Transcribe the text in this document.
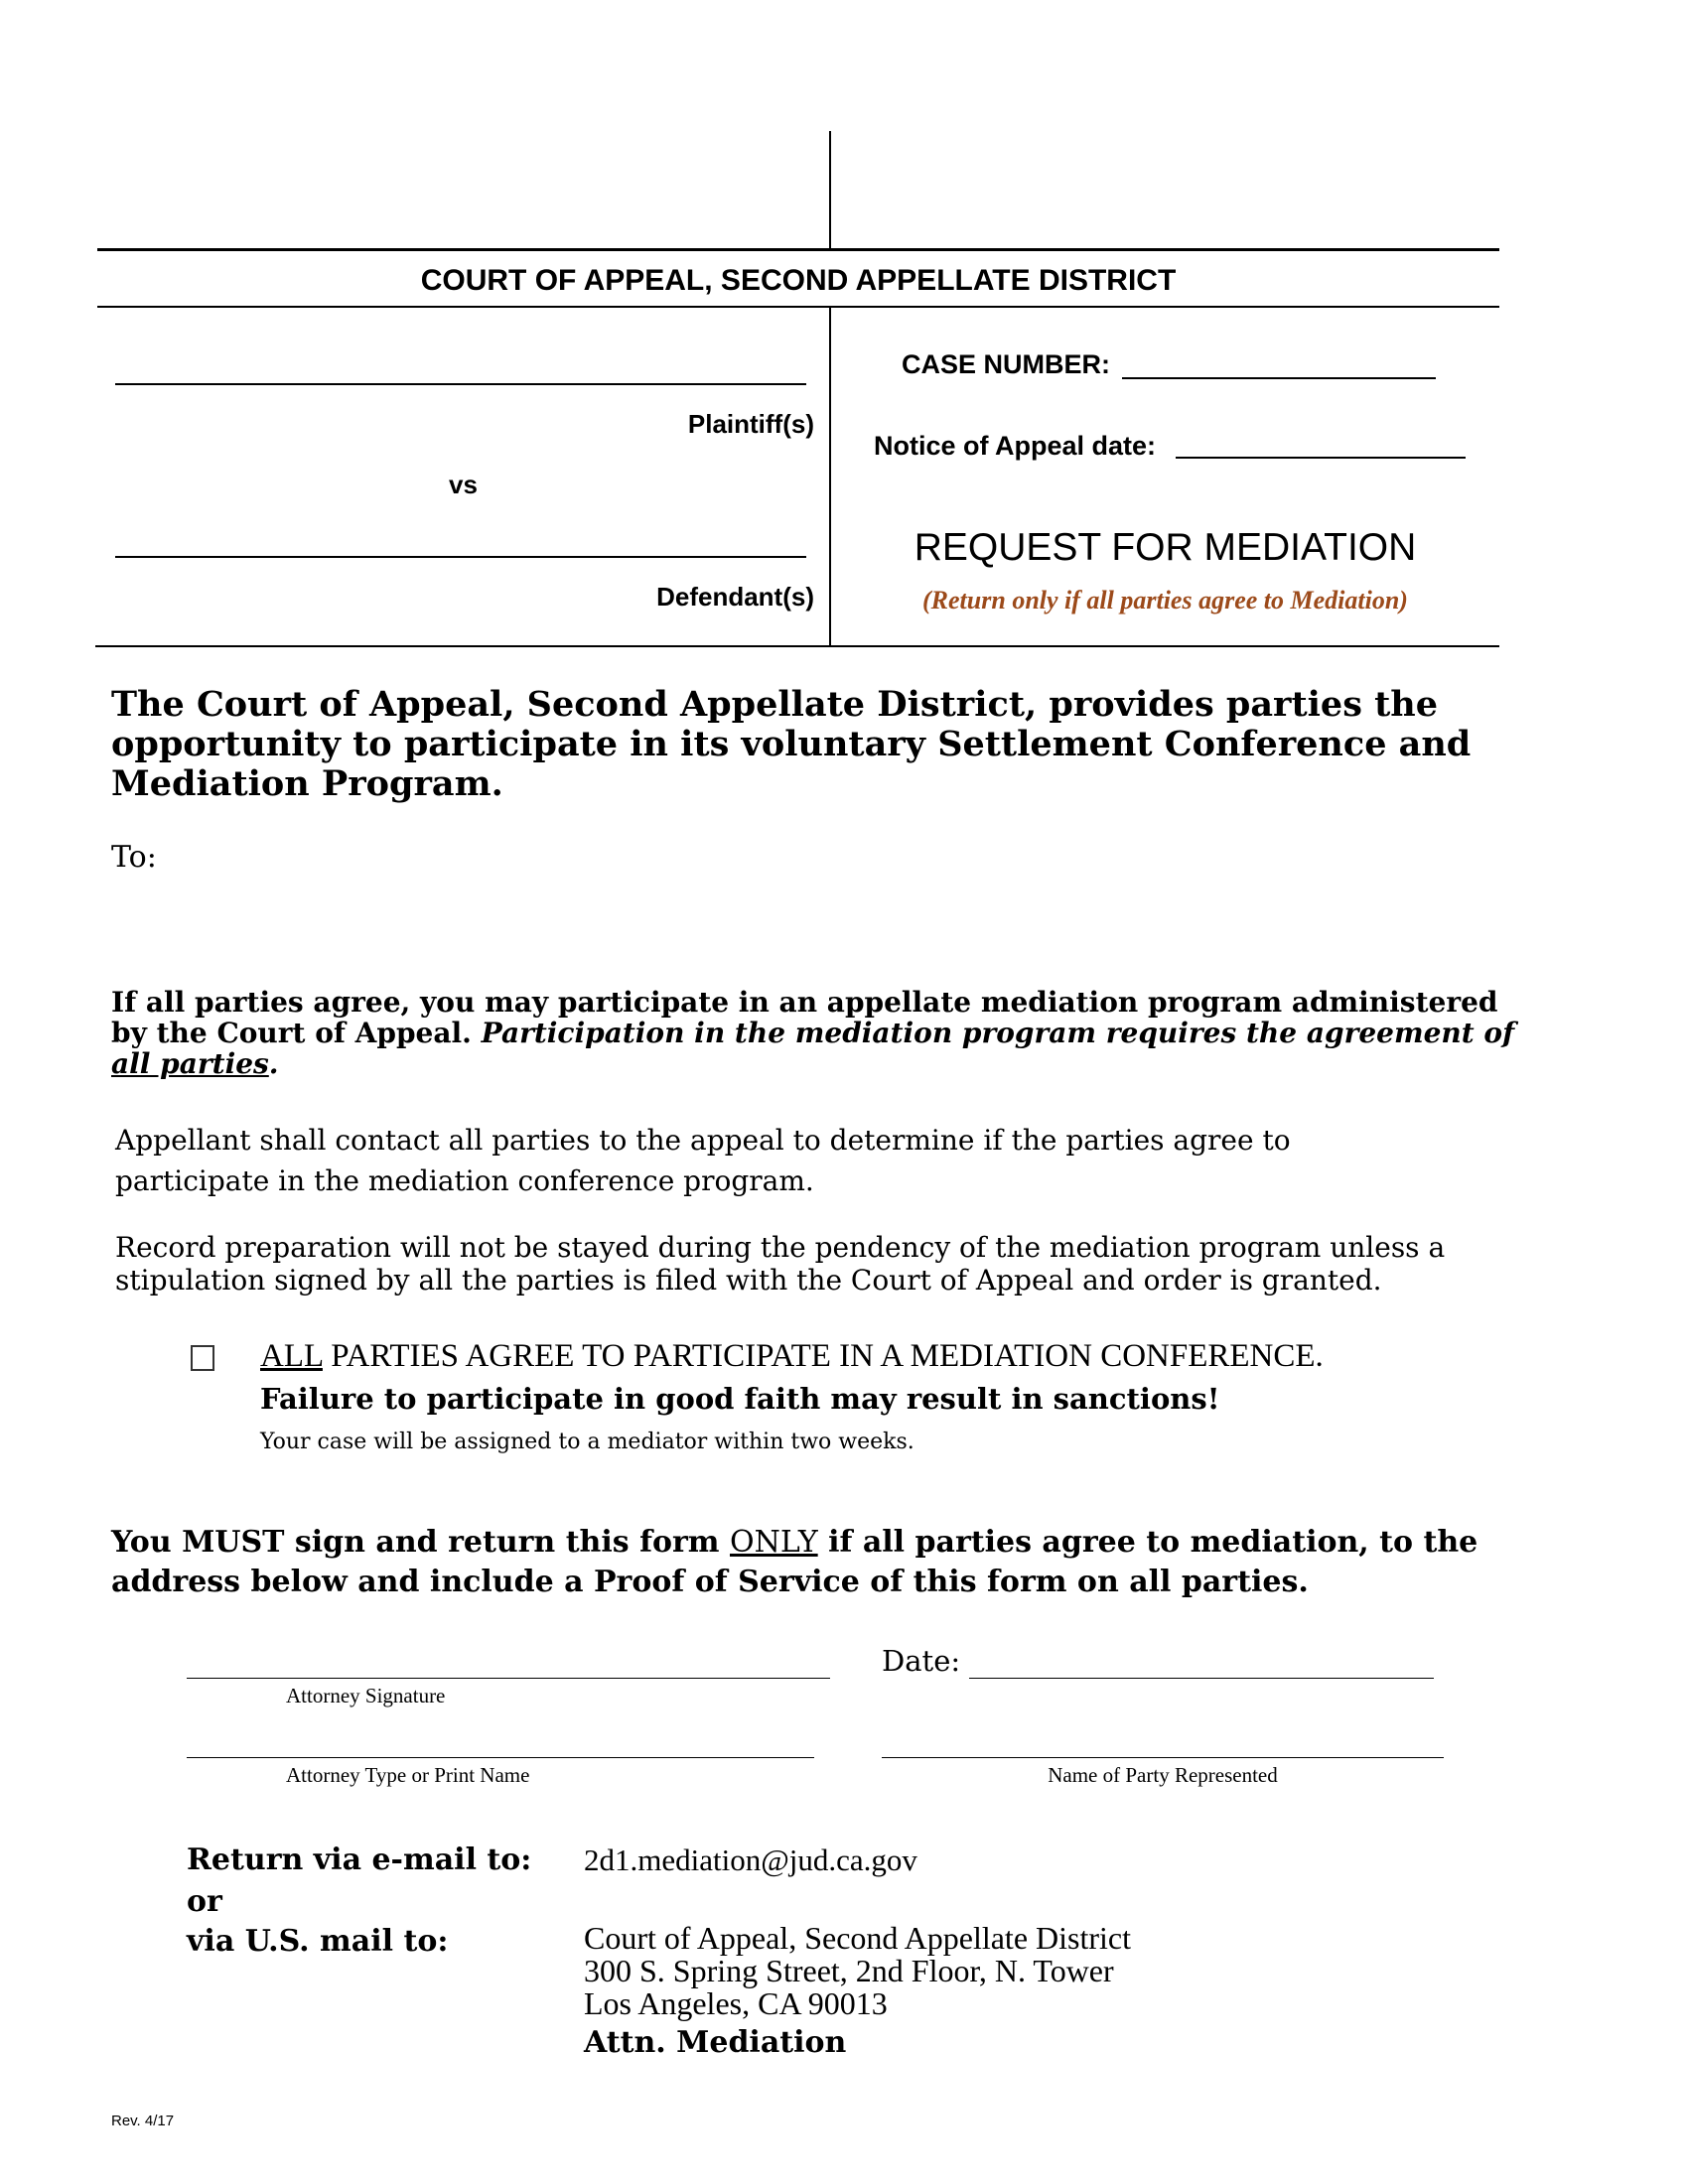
COURT OF APPEAL, SECOND APPELLATE DISTRICT
Plaintiff(s)
vs
Defendant(s)
CASE NUMBER:
Notice of Appeal date:
REQUEST FOR MEDIATION
(Return only if all parties agree to Mediation)
The Court of Appeal, Second Appellate District, provides parties the opportunity to participate in its voluntary Settlement Conference and Mediation Program.
To:
If all parties agree, you may participate in an appellate mediation program administered by the Court of Appeal. Participation in the mediation program requires the agreement of all parties.
Appellant shall contact all parties to the appeal to determine if the parties agree to participate in the mediation conference program.
Record preparation will not be stayed during the pendency of the mediation program unless a stipulation signed by all the parties is filed with the Court of Appeal and order is granted.
ALL PARTIES AGREE TO PARTICIPATE IN A MEDIATION CONFERENCE.
Failure to participate in good faith may result in sanctions!
Your case will be assigned to a mediator within two weeks.
You MUST sign and return this form ONLY if all parties agree to mediation, to the address below and include a Proof of Service of this form on all parties.
Attorney Signature
Date:
Attorney Type or Print Name	Name of Party Represented
Return via e-mail to: 2d1.mediation@jud.ca.gov
or
via U.S. mail to:	Court of Appeal, Second Appellate District
300 S. Spring Street, 2nd Floor, N. Tower
Los Angeles, CA 90013
Attn. Mediation
Rev. 4/17
